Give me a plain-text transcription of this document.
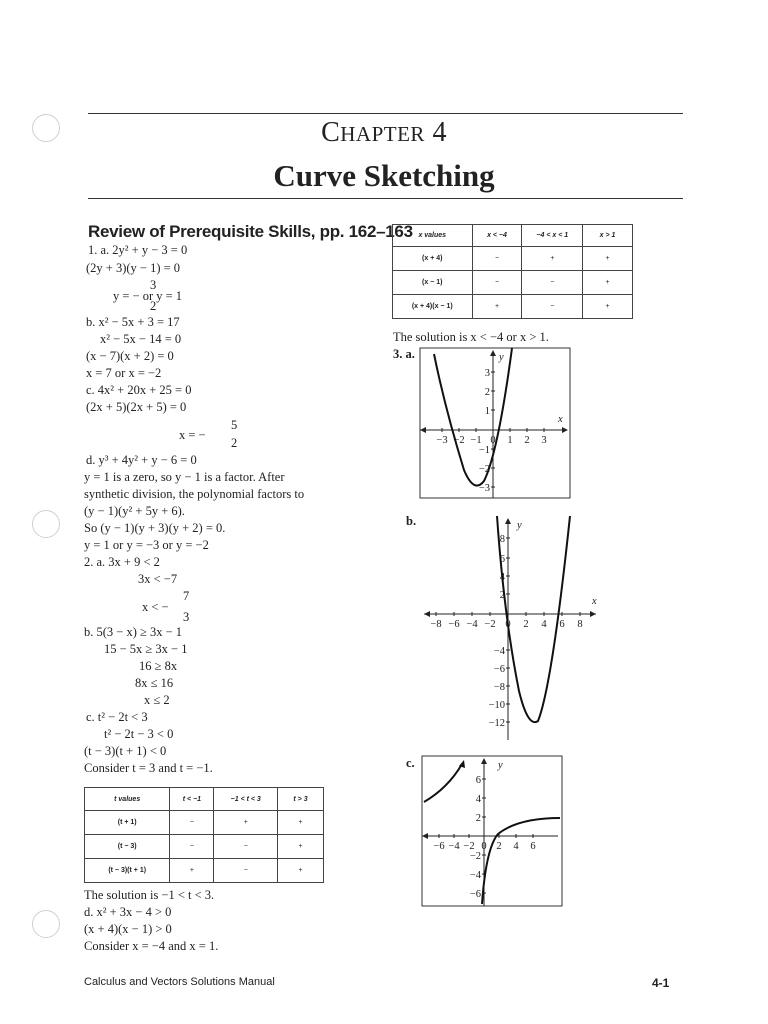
CHAPTER 4
Curve Sketching
Review of Prerequisite Skills, pp. 162–163
1. a. 2y² + y − 3 = 0
(2y + 3)(y − 1) = 0
3
y = − or y = 1
2
b. x² − 5x + 3 = 17
x² − 5x − 14 = 0
(x − 7)(x + 2) = 0
x = 7 or x = −2
c. 4x² + 20x + 25 = 0
(2x + 5)(2x + 5) = 0
5
x = −
2
d. y³ + 4y² + y − 6 = 0
y = 1 is a zero, so y − 1 is a factor. After
synthetic division, the polynomial factors to
(y − 1)(y² + 5y + 6).
So (y − 1)(y + 3)(y + 2) = 0.
y = 1 or y = −3 or y = −2
2. a. 3x + 9 < 2
3x < −7
7
x < −
3
b. 5(3 − x) ≥ 3x − 1
15 − 5x ≥ 3x − 1
16 ≥ 8x
8x ≤ 16
x ≤ 2
c. t² − 2t < 3
t² − 2t − 3 < 0
(t − 3)(t + 1) < 0
Consider t = 3 and t = −1.
The solution is −1 < t < 3.
d. x² + 3x − 4 > 0
(x + 4)(x − 1) > 0
Consider x = −4 and x = 1.
t values	t < −1	−1 < t < 3	t > 3
(t + 1)	−	+	+
(t − 3)	−	−	+
(t − 3)(t + 1)	+	−	+
x values	x < −4	−4 < x < 1	x > 1
(x + 4)	−	+	+
(x − 1)	−	−	+
(x + 4)(x − 1)	+	−	+
The solution is x < −4 or x > 1.
3. a.
b.
c.
x
y
−3 −2 −1 0 1 2 3
3
2
1
−1
−2
−3
x
y
−8 −6 −4 −2 0 2 4 6 8
8
6
4
2
−4
−6
−8
−10
−12
y
−6 −4 −2 0 2 4 6
6
4
2
−2
−4
−6
Calculus and Vectors Solutions Manual	4-1
